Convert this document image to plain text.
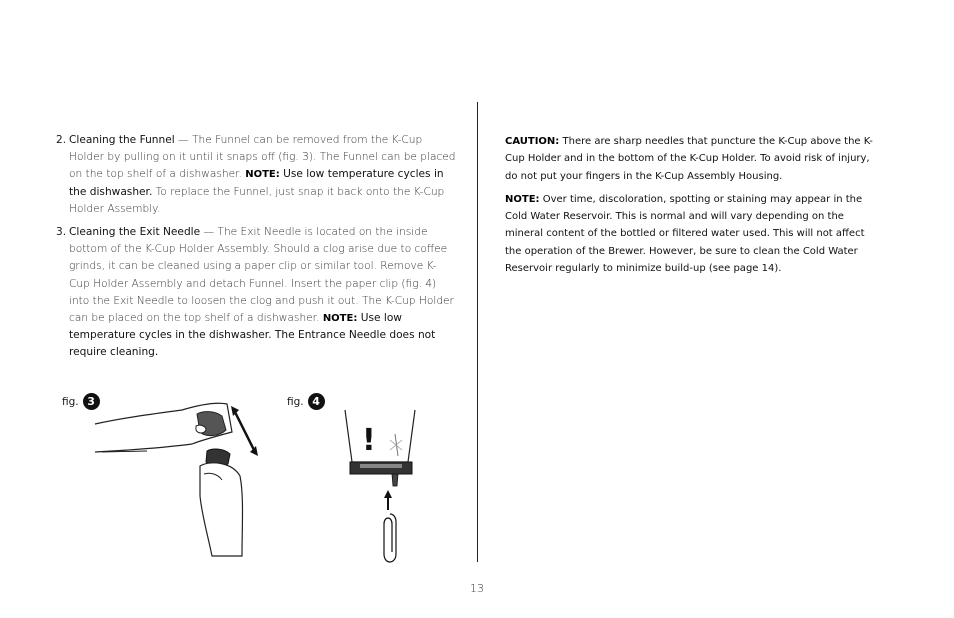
2. Cleaning the Funnel — The Funnel can be removed from the K-Cup Holder by pulling on it until it snaps off (fig. 3). The Funnel can be placed on the top shelf of a dishwasher. NOTE: Use low temperature cycles in the dishwasher. To replace the Funnel, just snap it back onto the K-Cup Holder Assembly.
3. Cleaning the Exit Needle — The Exit Needle is located on the inside bottom of the K-Cup Holder Assembly. Should a clog arise due to coffee grinds, it can be cleaned using a paper clip or similar tool. Remove K-Cup Holder Assembly and detach Funnel. Insert the paper clip (fig. 4) into the Exit Needle to loosen the clog and push it out. The K-Cup Holder can be placed on the top shelf of a dishwasher. NOTE: Use low temperature cycles in the dishwasher. The Entrance Needle does not require cleaning.
fig. 3	fig. 4
!

CAUTION: There are sharp needles that puncture the K-Cup above the K-Cup Holder and in the bottom of the K-Cup Holder. To avoid risk of injury, do not put your fingers in the K-Cup Assembly Housing.

NOTE: Over time, discoloration, spotting or staining may appear in the Cold Water Reservoir. This is normal and will vary depending on the mineral content of the bottled or filtered water used. This will not affect the operation of the Brewer. However, be sure to clean the Cold Water Reservoir regularly to minimize build-up (see page 14).

13
